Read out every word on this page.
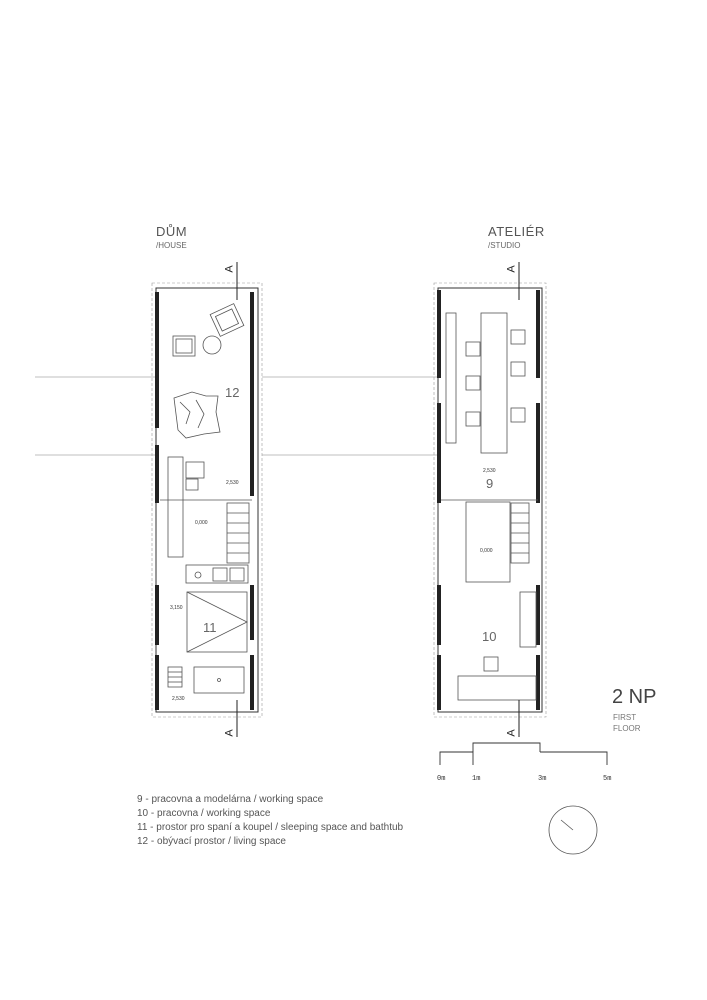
DŮM
/HOUSE
ATELIÉR
/STUDIO
A
A
A
A
12
2,530
0,000
11
3,150
2,530
2,530
9
0,000
10
2 NP
FIRST
FLOOR
0m	1m	3m	5m
9 - pracovna a modelárna / working space
10 - pracovna / working space
11 - prostor pro spaní a koupel / sleeping space and bathtub
12 - obývací prostor / living space
